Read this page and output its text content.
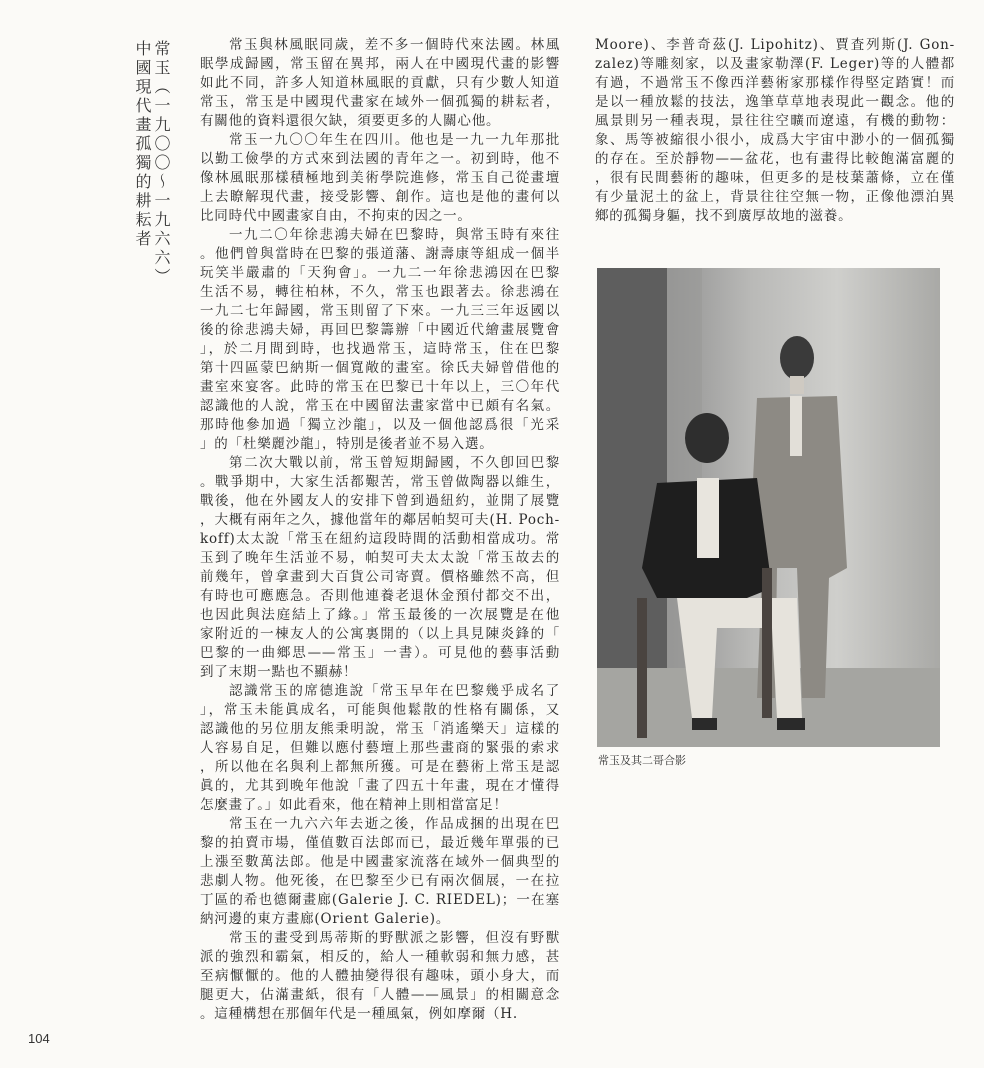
常玉（一九〇〇～一九六六）
中國現代畫孤獨的耕耘者	常玉與林風眠同歲，差不多一個時代來法國。林風
眠學成歸國，常玉留在異邦，兩人在中國現代畫的影響
如此不同，許多人知道林風眠的貢獻，只有少數人知道
常玉，常玉是中國現代畫家在域外一個孤獨的耕耘者，
有關他的資料還很欠缺，須要更多的人關心他。
常玉一九〇〇年生在四川。他也是一九一九年那批
以勤工儉學的方式來到法國的青年之一。初到時，他不
像林風眠那樣積極地到美術學院進修，常玉自己從畫壇
上去瞭解現代畫，接受影響、創作。這也是他的畫何以
比同時代中國畫家自由，不拘束的因之一。
一九二〇年徐悲鴻夫婦在巴黎時，與常玉時有來往
。他們曾與當時在巴黎的張道藩、謝壽康等組成一個半
玩笑半嚴肅的「天狗會」。一九二一年徐悲鴻因在巴黎
生活不易，轉往柏林，不久，常玉也跟著去。徐悲鴻在
一九二七年歸國，常玉則留了下來。一九三三年返國以
後的徐悲鴻夫婦，再回巴黎籌辦「中國近代繪畫展覽會
」，於二月間到時，也找過常玉，這時常玉，住在巴黎
第十四區蒙巴納斯一個寬敞的畫室。徐氏夫婦曾借他的
畫室來宴客。此時的常玉在巴黎已十年以上，三〇年代
認識他的人說，常玉在中國留法畫家當中已頗有名氣。
那時他參加過「獨立沙龍」，以及一個他認爲很「光采
」的「杜樂麗沙龍」，特別是後者並不易入選。
第二次大戰以前，常玉曾短期歸國，不久卽回巴黎
。戰爭期中，大家生活都艱苦，常玉曾做陶器以維生，
戰後，他在外國友人的安排下曾到過紐約，並開了展覽
，大概有兩年之久，據他當年的鄰居帕契可夫(H. Poch-
koff)太太說「常玉在紐約這段時間的活動相當成功。常
玉到了晚年生活並不易，帕契可夫太太說「常玉故去的
前幾年，曾拿畫到大百貨公司寄賣。價格雖然不高，但
有時也可應應急。否則他連養老退休金預付都交不出，
也因此與法庭結上了緣。」常玉最後的一次展覽是在他
家附近的一棟友人的公寓裏開的（以上具見陳炎鋒的「
巴黎的一曲鄉思——常玉」一書）。可見他的藝事活動
到了末期一點也不顯赫！
認識常玉的席德進說「常玉早年在巴黎幾乎成名了
」，常玉未能眞成名，可能與他鬆散的性格有關係，又
認識他的另位朋友熊秉明說，常玉「消遙樂天」這樣的
人容易自足，但難以應付藝壇上那些畫商的緊張的索求
，所以他在名與利上都無所獲。可是在藝術上常玉是認
眞的，尤其到晚年他說「畫了四五十年畫，現在才懂得
怎麼畫了。」如此看來，他在精神上則相當富足！
常玉在一九六六年去逝之後，作品成捆的出現在巴
黎的拍賣市場，僅值數百法郎而已，最近幾年單張的已
上漲至數萬法郎。他是中國畫家流落在域外一個典型的
悲劇人物。他死後，在巴黎至少已有兩次個展，一在拉
丁區的希也德爾畫廊(Galerie J. C. RIEDEL)；一在塞
納河邊的東方畫廊(Orient Galerie)。
常玉的畫受到馬蒂斯的野獸派之影響，但沒有野獸
派的強烈和霸氣，相反的，給人一種軟弱和無力感，甚
至病懨懨的。他的人體抽變得很有趣味，頭小身大，而
腿更大，佔滿畫紙，很有「人體——風景」的相關意念
。這種構想在那個年代是一種風氣，例如摩爾（H.
Moore)、李普奇茲(J. Lipohitz)、賈査列斯(J. Gon-
zalez)等雕刻家，以及畫家勒澤(F. Leger)等的人體都
有過，不過常玉不像西洋藝術家那樣作得堅定踏實！而
是以一種放鬆的技法，逸筆草草地表現此一觀念。他的
風景則另一種表現，景往往空曠而遼遠，有機的動物：
象、馬等被縮很小很小，成爲大宇宙中渺小的一個孤獨
的存在。至於靜物——盆花，也有畫得比較飽滿富麗的
，很有民間藝術的趣味，但更多的是枝葉蕭條，立在僅
有少量泥土的盆上，背景往往空無一物，正像他漂泊異
鄉的孤獨身軀，找不到廣厚故地的滋養。
常玉及其二哥合影
104
